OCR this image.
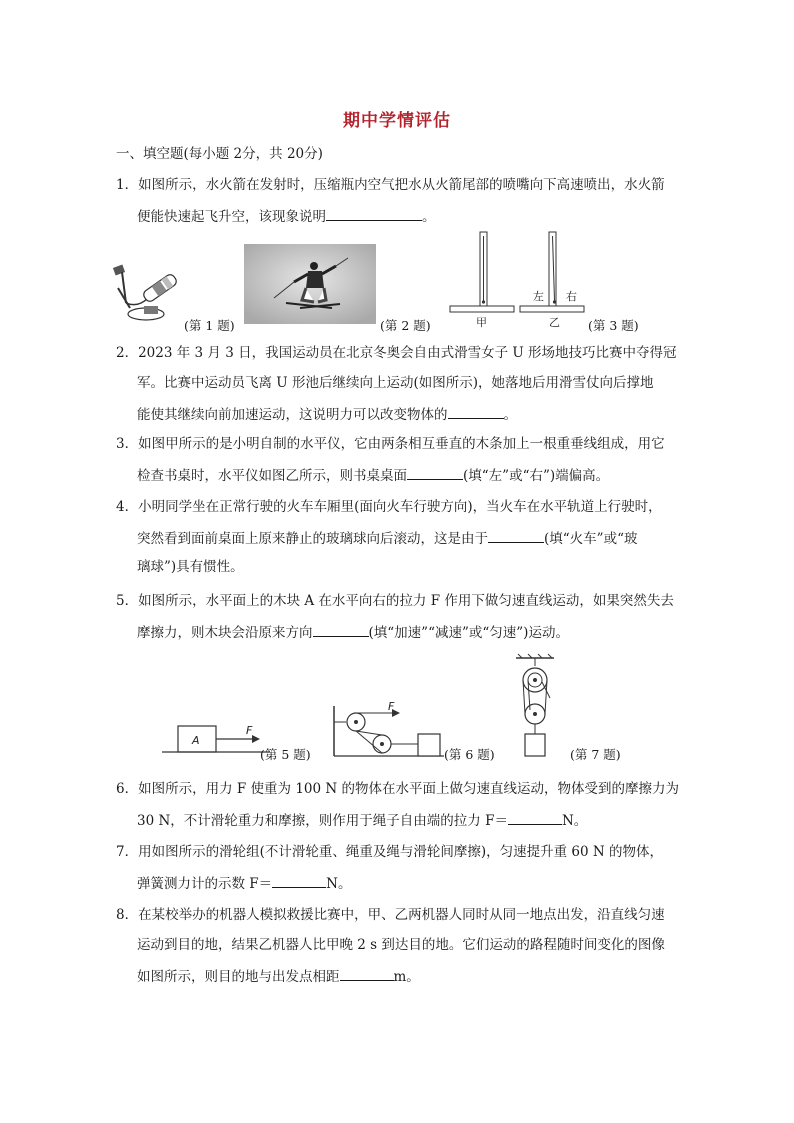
期中学情评估
一、填空题(每小题 2分，共 20分)
1．如图所示，水火箭在发射时，压缩瓶内空气把水从火箭尾部的喷嘴向下高速喷出，水火箭
便能快速起飞升空，该现象说明	。
(第 1 题)	(第 2 题)	甲
左 右
乙 (第 3 题)
2．2023 年 3 月 3 日，我国运动员在北京冬奥会自由式滑雪女子 U 形场地技巧比赛中夺得冠
军。比赛中运动员飞离 U 形池后继续向上运动(如图所示)，她落地后用滑雪仗向后撑地
能使其继续向前加速运动，这说明力可以改变物体的	。
3．如图甲所示的是小明自制的水平仪，它由两条相互垂直的木条加上一根重垂线组成，用它
检查书桌时，水平仪如图乙所示，则书桌桌面	(填“左”或“右”)端偏高。
4．小明同学坐在正常行驶的火车车厢里(面向火车行驶方向)，当火车在水平轨道上行驶时，
突然看到面前桌面上原来静止的玻璃球向后滚动，这是由于	(填“火车”或“玻
璃球”)具有惯性。
5．如图所示，水平面上的木块 A 在水平向右的拉力 F 作用下做匀速直线运动，如果突然失去
摩擦力，则木块会沿原来方向	(填“加速”“减速”或“匀速”)运动。
A
F
(第 5 题)
F
(第 6 题)	(第 7 题)
6．如图所示，用力 F 使重为 100 N 的物体在水平面上做匀速直线运动，物体受到的摩擦力为
30 N，不计滑轮重力和摩擦，则作用于绳子自由端的拉力 F＝	N。
7．用如图所示的滑轮组(不计滑轮重、绳重及绳与滑轮间摩擦)，匀速提升重 60 N 的物体，
弹簧测力计的示数 F＝	N。
8．在某校举办的机器人模拟救援比赛中，甲、乙两机器人同时从同一地点出发，沿直线匀速
运动到目的地，结果乙机器人比甲晚 2 s 到达目的地。它们运动的路程随时间变化的图像
如图所示，则目的地与出发点相距	m。
